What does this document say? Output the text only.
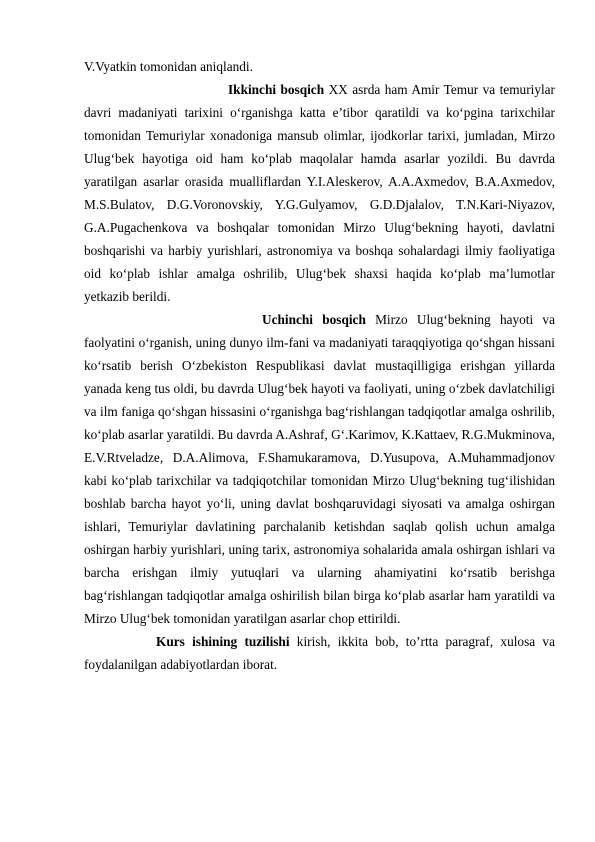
V.Vyatkin tomonidan aniqlandi.

Ikkinchi bosqich XX asrda ham Amir Temur va temuriylar davri madaniyati tarixini o‘rganishga katta e’tibor qaratildi va ko‘pgina tarixchilar tomonidan Temuriylar xonadoniga mansub olimlar, ijodkorlar tarixi, jumladan, Mirzo Ulug‘bek hayotiga oid ham ko‘plab maqolalar hamda asarlar yozildi. Bu davrda yaratilgan asarlar orasida mualliflardan Y.I.Aleskerov, A.A.Axmedov, B.A.Axmedov, M.S.Bulatov, D.G.Voronovskiy, Y.G.Gulyamov, G.D.Djalalov, T.N.Kari-Niyazov, G.A.Pugachenkova va boshqalar tomonidan Mirzo Ulug‘bekning hayoti, davlatni boshqarishi va harbiy yurishlari, astronomiya va boshqa sohalardagi ilmiy faoliyatiga oid ko‘plab ishlar amalga oshrilib, Ulug‘bek shaxsi haqida ko‘plab ma’lumotlar yetkazib berildi.

Uchinchi bosqich Mirzo Ulug‘bekning hayoti va faolyatini o‘rganish, uning dunyo ilm-fani va madaniyati taraqqiyotiga qo‘shgan hissani ko‘rsatib berish O‘zbekiston Respublikasi davlat mustaqilligiga erishgan yillarda yanada keng tus oldi, bu davrda Ulug‘bek hayoti va faoliyati, uning o‘zbek davlatchiligi va ilm faniga qo‘shgan hissasini o‘rganishga bag‘rishlangan tadqiqotlar amalga oshrilib, ko‘plab asarlar yaratildi. Bu davrda A.Ashraf, G‘.Karimov, K.Kattaev, R.G.Mukminova, E.V.Rtveladze, D.A.Alimova, F.Shamukaramova, D.Yusupova, A.Muhammadjonov kabi ko‘plab tarixchilar va tadqiqotchilar tomonidan Mirzo Ulug‘bekning tug‘ilishidan boshlab barcha hayot yo‘li, uning davlat boshqaruvidagi siyosati va amalga oshirgan ishlari, Temuriylar davlatining parchalanib ketishdan saqlab qolish uchun amalga oshirgan harbiy yurishlari, uning tarix, astronomiya sohalarida amala oshirgan ishlari va barcha erishgan ilmiy yutuqlari va ularning ahamiyatini ko‘rsatib berishga bag‘rishlangan tadqiqotlar amalga oshirilish bilan birga ko‘plab asarlar ham yaratildi va Mirzo Ulug‘bek tomonidan yaratilgan asarlar chop ettirildi.

Kurs ishining tuzilishi kirish, ikkita bob, to’rtta paragraf, xulosa va foydalanilgan adabiyotlardan iborat.
